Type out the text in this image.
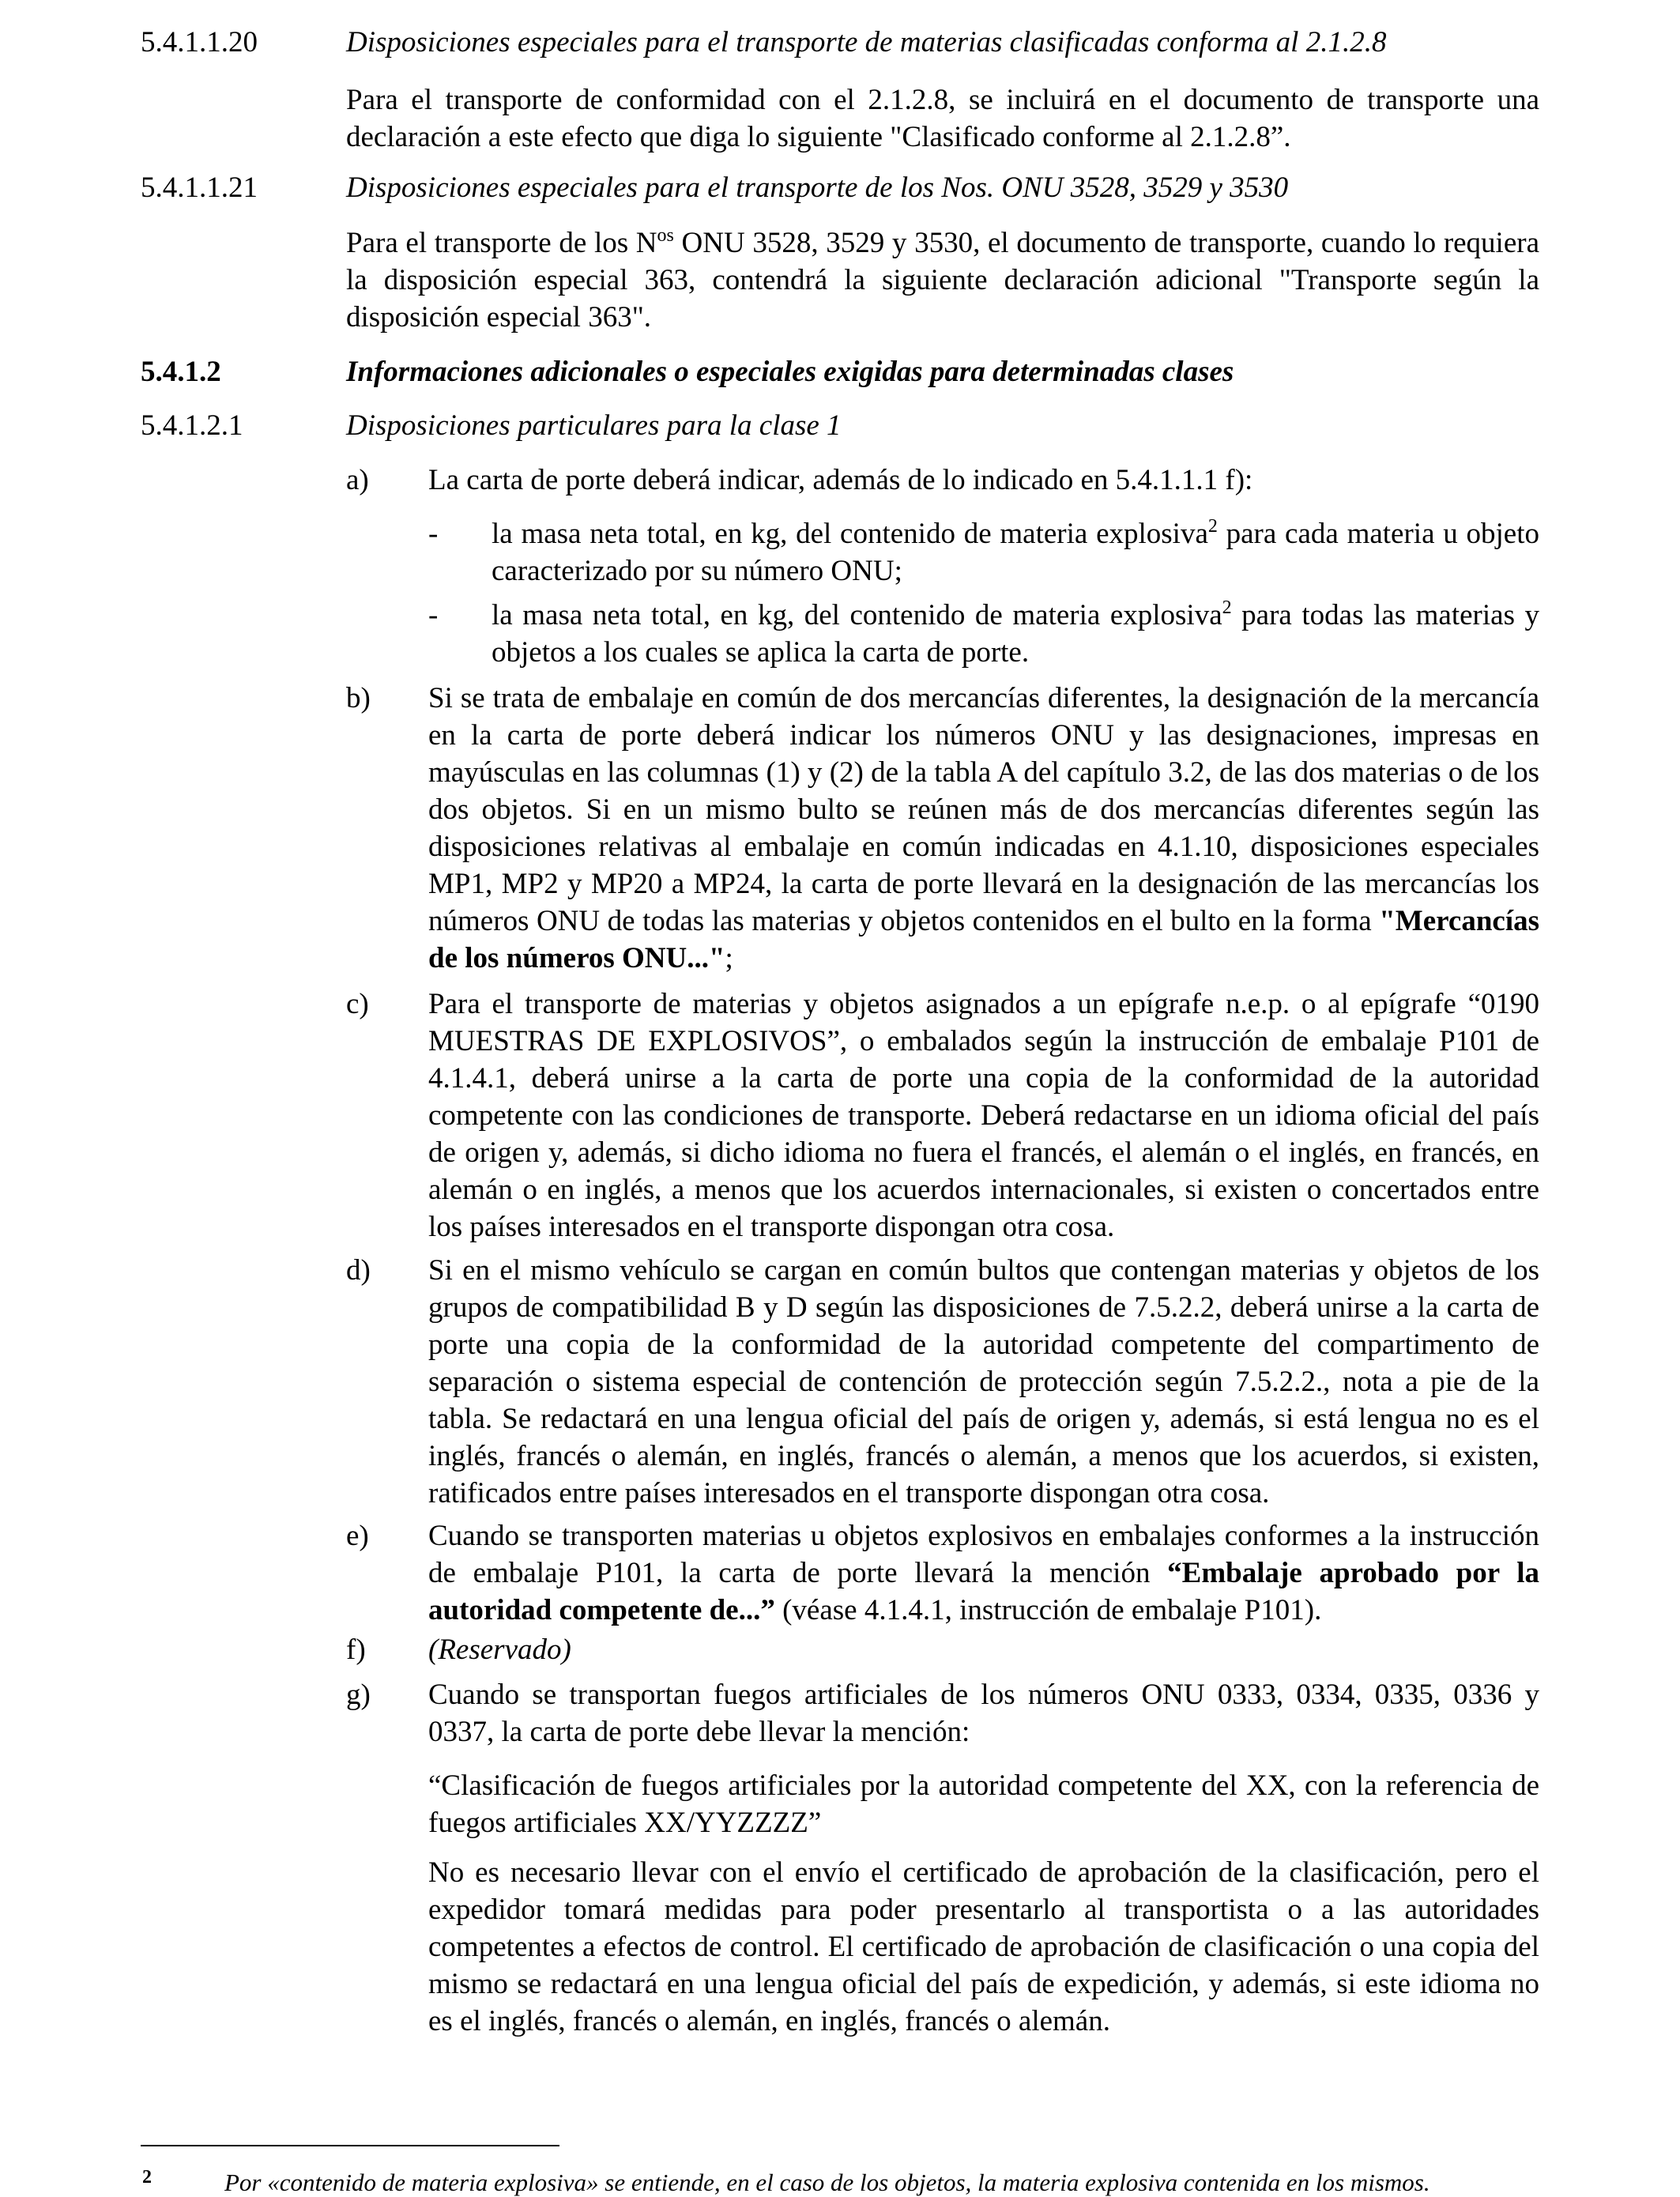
5.4.1.1.20	Disposiciones especiales para el transporte de materias clasificadas conforma al 2.1.2.8
Para el transporte de conformidad con el 2.1.2.8, se incluirá en el documento de transporte una declaración a este efecto que diga lo siguiente "Clasificado conforme al 2.1.2.8”.
5.4.1.1.21	Disposiciones especiales para el transporte de los Nos. ONU 3528, 3529 y 3530
Para el transporte de los $N^{os}$ ONU 3528, 3529 y 3530, el documento de transporte, cuando lo requiera la disposición especial 363, contendrá la siguiente declaración adicional "Transporte según la disposición especial 363".
5.4.1.2	Informaciones adicionales o especiales exigidas para determinadas clases
5.4.1.2.1	Disposiciones particulares para la clase 1
a) La carta de porte deberá indicar, además de lo indicado en 5.4.1.1.1 f):
- la masa neta total, en kg, del contenido de materia explosiva$^2$ para cada materia u objeto caracterizado por su número ONU;
- la masa neta total, en kg, del contenido de materia explosiva$^2$ para todas las materias y objetos a los cuales se aplica la carta de porte.
b) Si se trata de embalaje en común de dos mercancías diferentes, la designación de la mercancía en la carta de porte deberá indicar los números ONU y las designaciones, impresas en mayúsculas en las columnas (1) y (2) de la tabla A del capítulo 3.2, de las dos materias o de los dos objetos. Si en un mismo bulto se reúnen más de dos mercancías diferentes según las disposiciones relativas al embalaje en común indicadas en 4.1.10, disposiciones especiales MP1, MP2 y MP20 a MP24, la carta de porte llevará en la designación de las mercancías los números ONU de todas las materias y objetos contenidos en el bulto en la forma "Mercancías de los números ONU...";
c) Para el transporte de materias y objetos asignados a un epígrafe n.e.p. o al epígrafe “0190 MUESTRAS DE EXPLOSIVOS”, o embalados según la instrucción de embalaje P101 de 4.1.4.1, deberá unirse a la carta de porte una copia de la conformidad de la autoridad competente con las condiciones de transporte. Deberá redactarse en un idioma oficial del país de origen y, además, si dicho idioma no fuera el francés, el alemán o el inglés, en francés, en alemán o en inglés, a menos que los acuerdos internacionales, si existen o concertados entre los países interesados en el transporte dispongan otra cosa.
d) Si en el mismo vehículo se cargan en común bultos que contengan materias y objetos de los grupos de compatibilidad B y D según las disposiciones de 7.5.2.2, deberá unirse a la carta de porte una copia de la conformidad de la autoridad competente del compartimento de separación o sistema especial de contención de protección según 7.5.2.2., nota a pie de la tabla. Se redactará en una lengua oficial del país de origen y, además, si está lengua no es el inglés, francés o alemán, en inglés, francés o alemán, a menos que los acuerdos, si existen, ratificados entre países interesados en el transporte dispongan otra cosa.
e) Cuando se transporten materias u objetos explosivos en embalajes conformes a la instrucción de embalaje P101, la carta de porte llevará la mención “Embalaje aprobado por la autoridad competente de...” (véase 4.1.4.1, instrucción de embalaje P101).
f) (Reservado)
g) Cuando se transportan fuegos artificiales de los números ONU 0333, 0334, 0335, 0336 y 0337, la carta de porte debe llevar la mención:
“Clasificación de fuegos artificiales por la autoridad competente del XX, con la referencia de fuegos artificiales XX/YYZZZZ”
No es necesario llevar con el envío el certificado de aprobación de la clasificación, pero el expedidor tomará medidas para poder presentarlo al transportista o a las autoridades competentes a efectos de control. El certificado de aprobación de clasificación o una copia del mismo se redactará en una lengua oficial del país de expedición, y además, si este idioma no es el inglés, francés o alemán, en inglés, francés o alemán.
2	Por «contenido de materia explosiva» se entiende, en el caso de los objetos, la materia explosiva contenida en los mismos.
